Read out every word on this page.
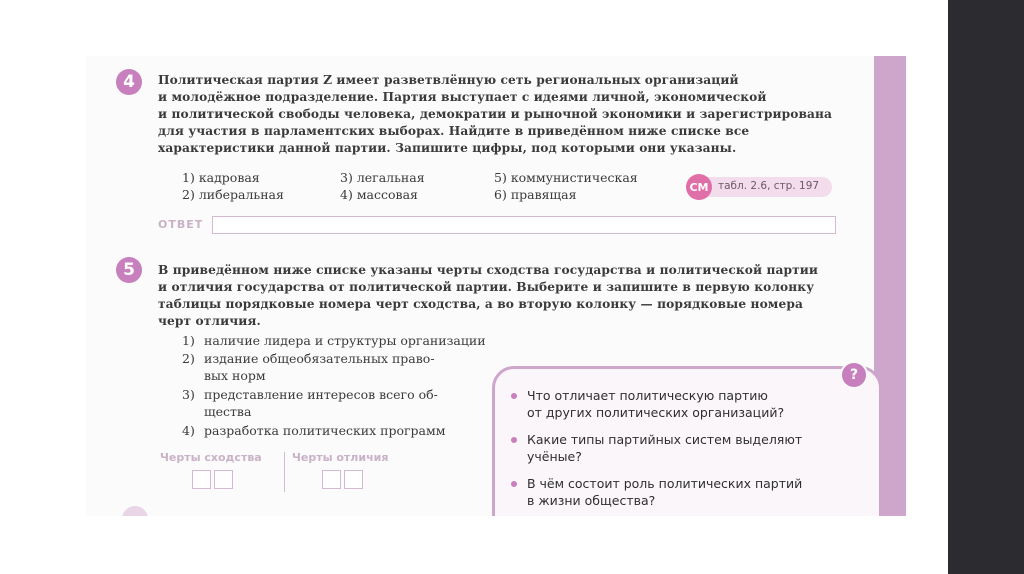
4	Политическая партия Z имеет разветвлённую сеть региональных организаций
и молодёжное подразделение. Партия выступает с идеями личной, экономической
и политической свободы человека, демократии и рыночной экономики и зарегистрирована
для участия в парламентских выборах. Найдите в приведённом ниже списке все
характеристики данной партии. Запишите цифры, под которыми они указаны.
1) кадровая	3) легальная	5) коммунистическая
2) либеральная	4) массовая	6) правящая	СМ табл. 2.6, стр. 197
ОТВЕТ
5	В приведённом ниже списке указаны черты сходства государства и политической партии
и отличия государства от политической партии. Выберите и запишите в первую колонку
таблицы порядковые номера черт сходства, а во вторую колонку — порядковые номера
черт отличия.
1) наличие лидера и структуры организации
2) издание общеобязательных право-
вых норм
3) представление интересов всего об-
щества
4) разработка политических программ
Черты сходства	Черты отличия
Что отличает политическую партию
от других политических организаций?
Какие типы партийных систем выделяют
учёные?
В чём состоит роль политических партий
в жизни общества?
?
